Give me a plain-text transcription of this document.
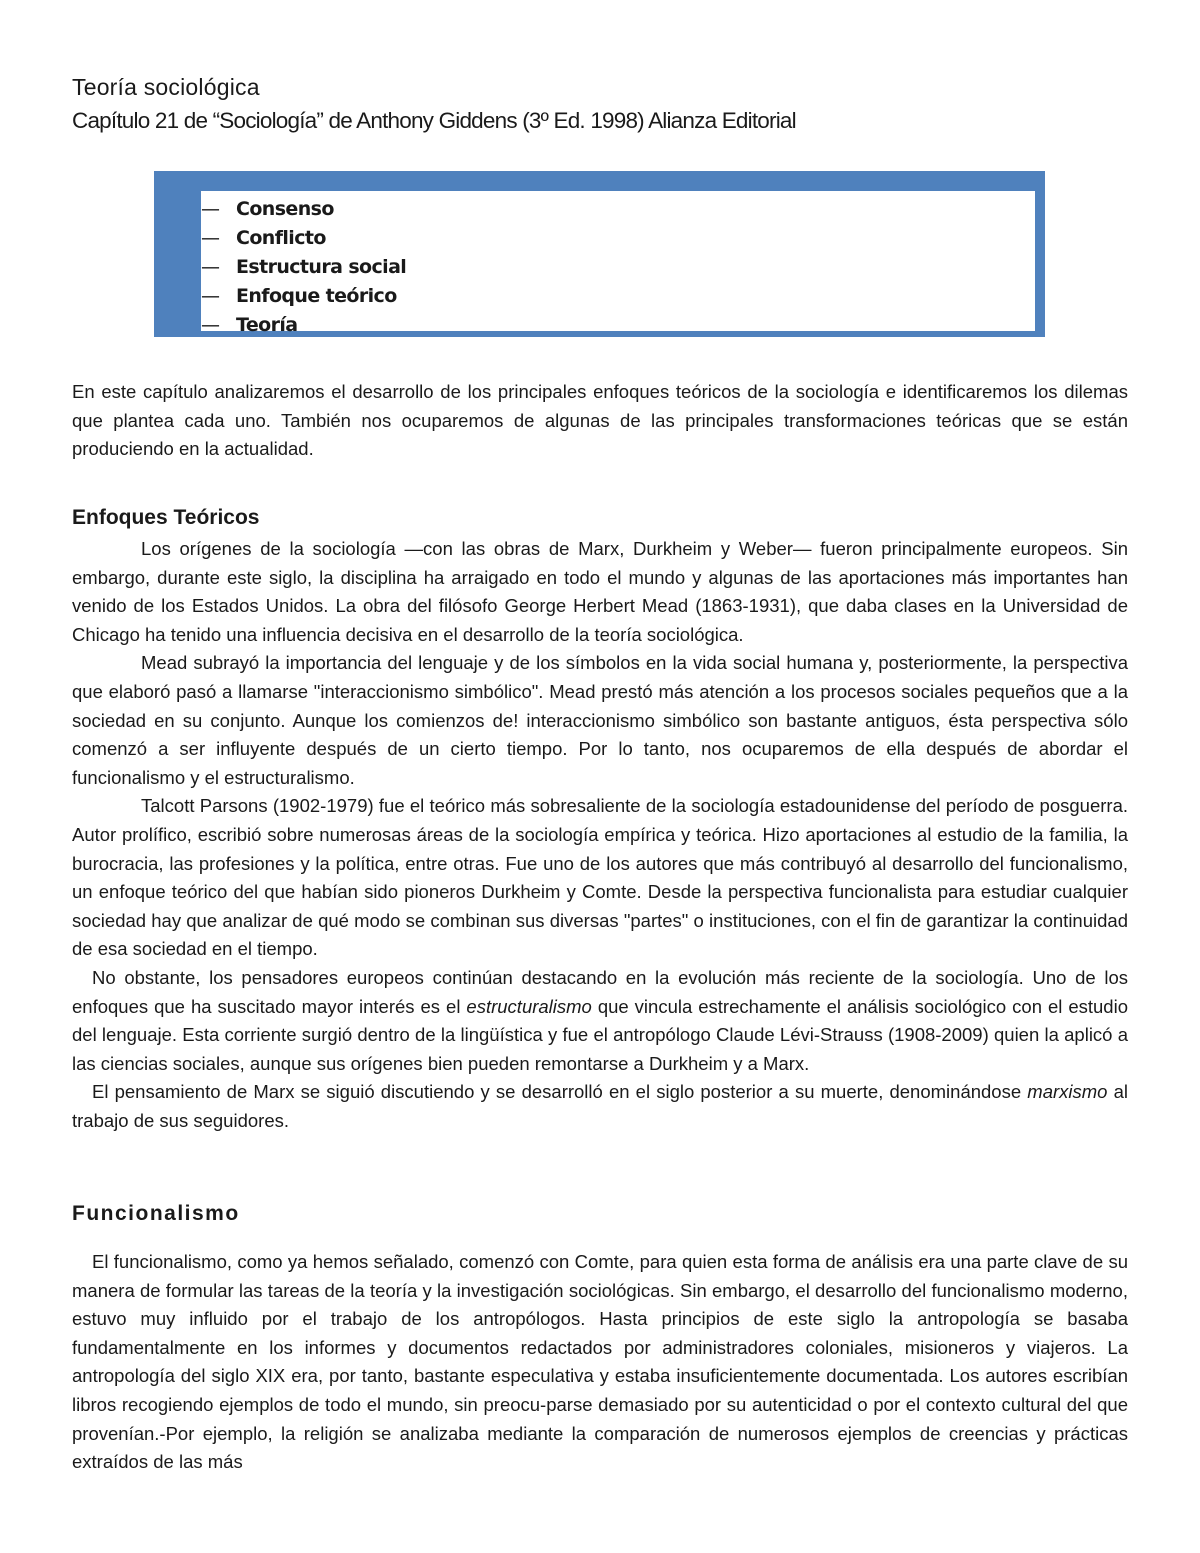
Teoría sociológica

Capítulo 21 de “Sociología” de Anthony Giddens (3º Ed. 1998) Alianza Editorial

— Consenso
— Conflicto
— Estructura social
— Enfoque teórico
— Teoría

En este capítulo analizaremos el desarrollo de los principales enfoques teóricos de la sociología e identificaremos los dilemas que plantea cada uno. También nos ocuparemos de algunas de las principales transformaciones teóricas que se están produciendo en la actualidad.

Enfoques Teóricos

Los orígenes de la sociología —con las obras de Marx, Durkheim y Weber— fueron principalmente europeos. Sin embargo, durante este siglo, la disciplina ha arraigado en todo el mundo y algunas de las aportaciones más importantes han venido de los Estados Unidos. La obra del filósofo George Herbert Mead (1863-1931), que daba clases en la Universidad de Chicago ha tenido una influencia decisiva en el desarrollo de la teoría sociológica.

Mead subrayó la importancia del lenguaje y de los símbolos en la vida social humana y, posteriormente, la perspectiva que elaboró pasó a llamarse "interaccionismo simbólico". Mead prestó más atención a los procesos sociales pequeños que a la sociedad en su conjunto. Aunque los comienzos de! interaccionismo simbólico son bastante antiguos, ésta perspectiva sólo comenzó a ser influyente después de un cierto tiempo. Por lo tanto, nos ocuparemos de ella después de abordar el funcionalismo y el estructuralismo.

Talcott Parsons (1902-1979) fue el teórico más sobresaliente de la sociología estadounidense del período de posguerra. Autor prolífico, escribió sobre numerosas áreas de la sociología empírica y teórica. Hizo aportaciones al estudio de la familia, la burocracia, las profesiones y la política, entre otras. Fue uno de los autores que más contribuyó al desarrollo del funcionalismo, un enfoque teórico del que habían sido pioneros Durkheim y Comte. Desde la perspectiva funcionalista para estudiar cualquier sociedad hay que analizar de qué modo se combinan sus diversas "partes" o instituciones, con el fin de garantizar la continuidad de esa sociedad en el tiempo.

No obstante, los pensadores europeos continúan destacando en la evolución más reciente de la sociología. Uno de los enfoques que ha suscitado mayor interés es el estructuralismo que vincula estrechamente el análisis sociológico con el estudio del lenguaje. Esta corriente surgió dentro de la lingüística y fue el antropólogo Claude Lévi-Strauss (1908-2009) quien la aplicó a las ciencias sociales, aunque sus orígenes bien pueden remontarse a Durkheim y a Marx.

El pensamiento de Marx se siguió discutiendo y se desarrolló en el siglo posterior a su muerte, denominándose marxismo al trabajo de sus seguidores.

Funcionalismo

El funcionalismo, como ya hemos señalado, comenzó con Comte, para quien esta forma de análisis era una parte clave de su manera de formular las tareas de la teoría y la investigación sociológicas. Sin embargo, el desarrollo del funcionalismo moderno, estuvo muy influido por el trabajo de los antropólogos. Hasta principios de este siglo la antropología se basaba fundamentalmente en los informes y documentos redactados por administradores coloniales, misioneros y viajeros. La antropología del siglo XIX era, por tanto, bastante especulativa y estaba insuficientemente documentada. Los autores escribían libros recogiendo ejemplos de todo el mundo, sin preocu-parse demasiado por su autenticidad o por el contexto cultural del que provenían.-Por ejemplo, la religión se analizaba mediante la comparación de numerosos ejemplos de creencias y prácticas extraídos de las más
